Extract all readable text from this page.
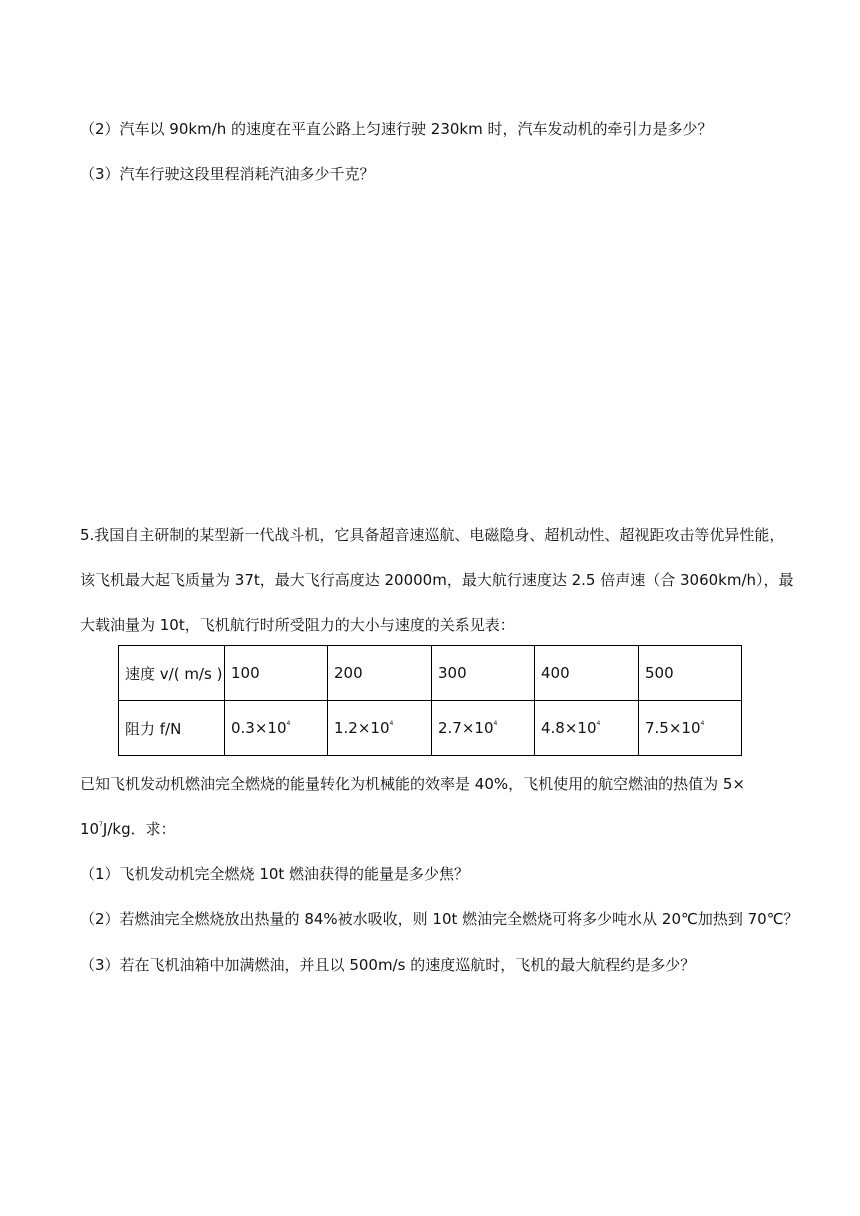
（2）汽车以 90km/h 的速度在平直公路上匀速行驶 230km 时，汽车发动机的牵引力是多少？
（3）汽车行驶这段里程消耗汽油多少千克？
5.我国自主研制的某型新一代战斗机，它具备超音速巡航、电磁隐身、超机动性、超视距攻击等优异性能，
该飞机最大起飞质量为 37t，最大飞行高度达 20000m，最大航行速度达 2.5 倍声速（合 3060km/h），最
大载油量为 10t，飞机航行时所受阻力的大小与速度的关系见表：
速度 v/( m/s )	100	200	300	400	500
阻力 f/N	$0.3\times 10^4$	$1.2\times 10^4$	$2.7\times 10^4$	$4.8\times 10^4$	$7.5\times 10^4$
已知飞机发动机燃油完全燃烧的能量转化为机械能的效率是 40%，飞机使用的航空燃油的热值为 5×
$10^7J/kg$．求：
（1）飞机发动机完全燃烧 10t 燃油获得的能量是多少焦？
（2）若燃油完全燃烧放出热量的 84%被水吸收，则 10t 燃油完全燃烧可将多少吨水从 20℃加热到 70℃？
（3）若在飞机油箱中加满燃油，并且以 500m/s 的速度巡航时，飞机的最大航程约是多少？
